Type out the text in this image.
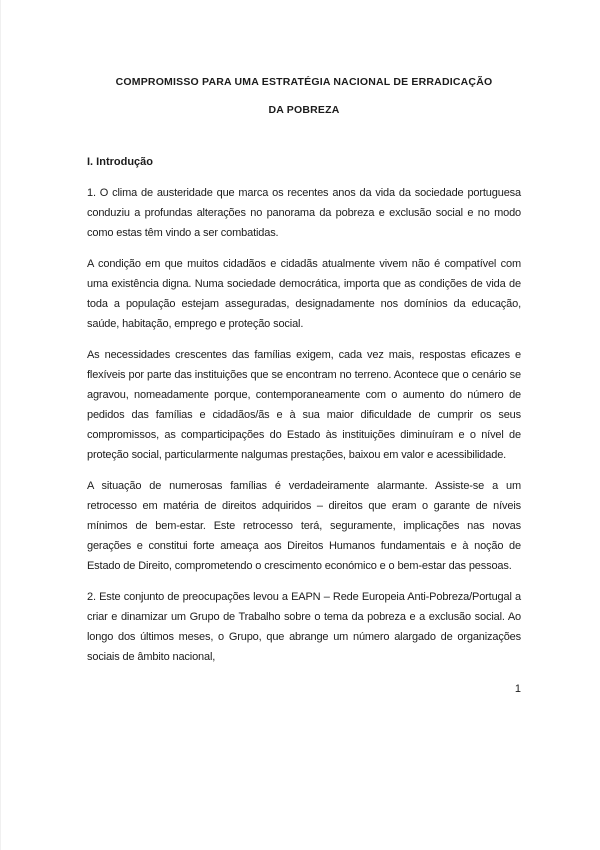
COMPROMISSO PARA UMA ESTRATÉGIA NACIONAL DE ERRADICAÇÃO
DA POBREZA
I. Introdução

1. O clima de austeridade que marca os recentes anos da vida da sociedade portuguesa conduziu a profundas alterações no panorama da pobreza e exclusão social e no modo como estas têm vindo a ser combatidas.

A condição em que muitos cidadãos e cidadãs atualmente vivem não é compatível com uma existência digna. Numa sociedade democrática, importa que as condições de vida de toda a população estejam asseguradas, designadamente nos domínios da educação, saúde, habitação, emprego e proteção social.

As necessidades crescentes das famílias exigem, cada vez mais, respostas eficazes e flexíveis por parte das instituições que se encontram no terreno. Acontece que o cenário se agravou, nomeadamente porque, contemporaneamente com o aumento do número de pedidos das famílias e cidadãos/ãs e à sua maior dificuldade de cumprir os seus compromissos, as comparticipações do Estado às instituições diminuíram e o nível de proteção social, particularmente nalgumas prestações, baixou em valor e acessibilidade.

A situação de numerosas famílias é verdadeiramente alarmante. Assiste-se a um retrocesso em matéria de direitos adquiridos – direitos que eram o garante de níveis mínimos de bem-estar. Este retrocesso terá, seguramente, implicações nas novas gerações e constitui forte ameaça aos Direitos Humanos fundamentais e à noção de Estado de Direito, comprometendo o crescimento económico e o bem-estar das pessoas.

2. Este conjunto de preocupações levou a EAPN – Rede Europeia Anti-Pobreza/Portugal a criar e dinamizar um Grupo de Trabalho sobre o tema da pobreza e a exclusão social. Ao longo dos últimos meses, o Grupo, que abrange um número alargado de organizações sociais de âmbito nacional,

1
